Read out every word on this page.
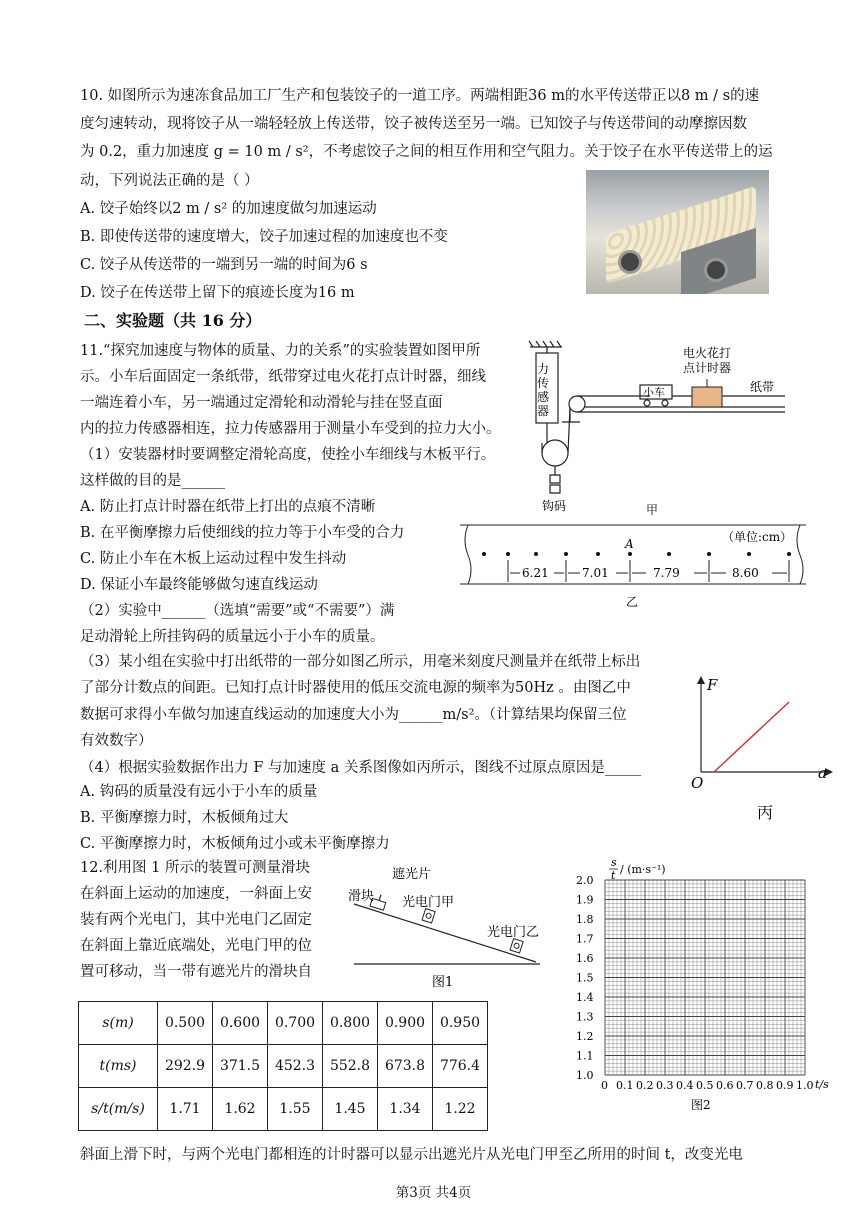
10. 如图所示为速冻食品加工厂生产和包装饺子的一道工序。两端相距36 m的水平传送带正以8 m / s的速
度匀速转动，现将饺子从一端轻轻放上传送带，饺子被传送至另一端。已知饺子与传送带间的动摩擦因数
为 0.2，重力加速度 g = 10 m / s²，不考虑饺子之间的相互作用和空气阻力。关于饺子在水平传送带上的运
动，下列说法正确的是（ ）
A. 饺子始终以2 m / s² 的加速度做匀加速运动
B. 即使传送带的速度增大，饺子加速过程的加速度也不变
C. 饺子从传送带的一端到另一端的时间为6 s
D. 饺子在传送带上留下的痕迹长度为16 m
二、实验题（共 16 分）
11.“探究加速度与物体的质量、力的关系”的实验装置如图甲所
示。小车后面固定一条纸带，纸带穿过电火花打点计时器，细线
一端连着小车，另一端通过定滑轮和动滑轮与挂在竖直面
内的拉力传感器相连，拉力传感器用于测量小车受到的拉力大小。
（1）安装器材时要调整定滑轮高度，使拴小车细线与木板平行。
这样做的目的是______
A. 防止打点计时器在纸带上打出的点痕不清晰
B. 在平衡摩擦力后使细线的拉力等于小车受的合力
C. 防止小车在木板上运动过程中发生抖动
D. 保证小车最终能够做匀速直线运动
（2）实验中______（选填“需要”或“不需要”）满
足动滑轮上所挂钩码的质量远小于小车的质量。
（3）某小组在实验中打出纸带的一部分如图乙所示，用毫米刻度尺测量并在纸带上标出
了部分计数点的间距。已知打点计时器使用的低压交流电源的频率为50Hz 。由图乙中
数据可求得小车做匀加速直线运动的加速度大小为______m/s²。（计算结果均保留三位
有效数字）
（4）根据实验数据作出力 F 与加速度 a 关系图像如丙所示，图线不过原点原因是_____
A. 钩码的质量没有远小于小车的质量
B. 平衡摩擦力时，木板倾角过大
C. 平衡摩擦力时，木板倾角过小或未平衡摩擦力
力
传
感
器
小车
电火花打
点计时器
纸带
钩码	甲
（单位:cm）
A
6.21	7.01	7.79	8.60
乙
F
a
O
丙
12.利用图 1 所示的装置可测量滑块
在斜面上运动的加速度，一斜面上安
装有两个光电门，其中光电门乙固定
在斜面上靠近底端处，光电门甲的位
置可移动，当一带有遮光片的滑块自
遮光片
滑块 光电门甲
光电门乙
图1
s(m)	0.500	0.600	0.700	0.800	0.900	0.950
t(ms)	292.9	371.5	452.3	552.8	673.8	776.4
s/t(m/s)	1.71	1.62	1.55	1.45	1.34	1.22
1.0
1.1
1.2
1.3
1.4
1.5
1.6
1.7
1.8
1.9
2.0
0 0.1 0.2 0.3 0.4 0.5 0.6 0.7 0.8 0.9 1.0
s
t / (m·s⁻¹)
t/s
图2
斜面上滑下时，与两个光电门都相连的计时器可以显示出遮光片从光电门甲至乙所用的时间 t，改变光电
第3页 共4页
